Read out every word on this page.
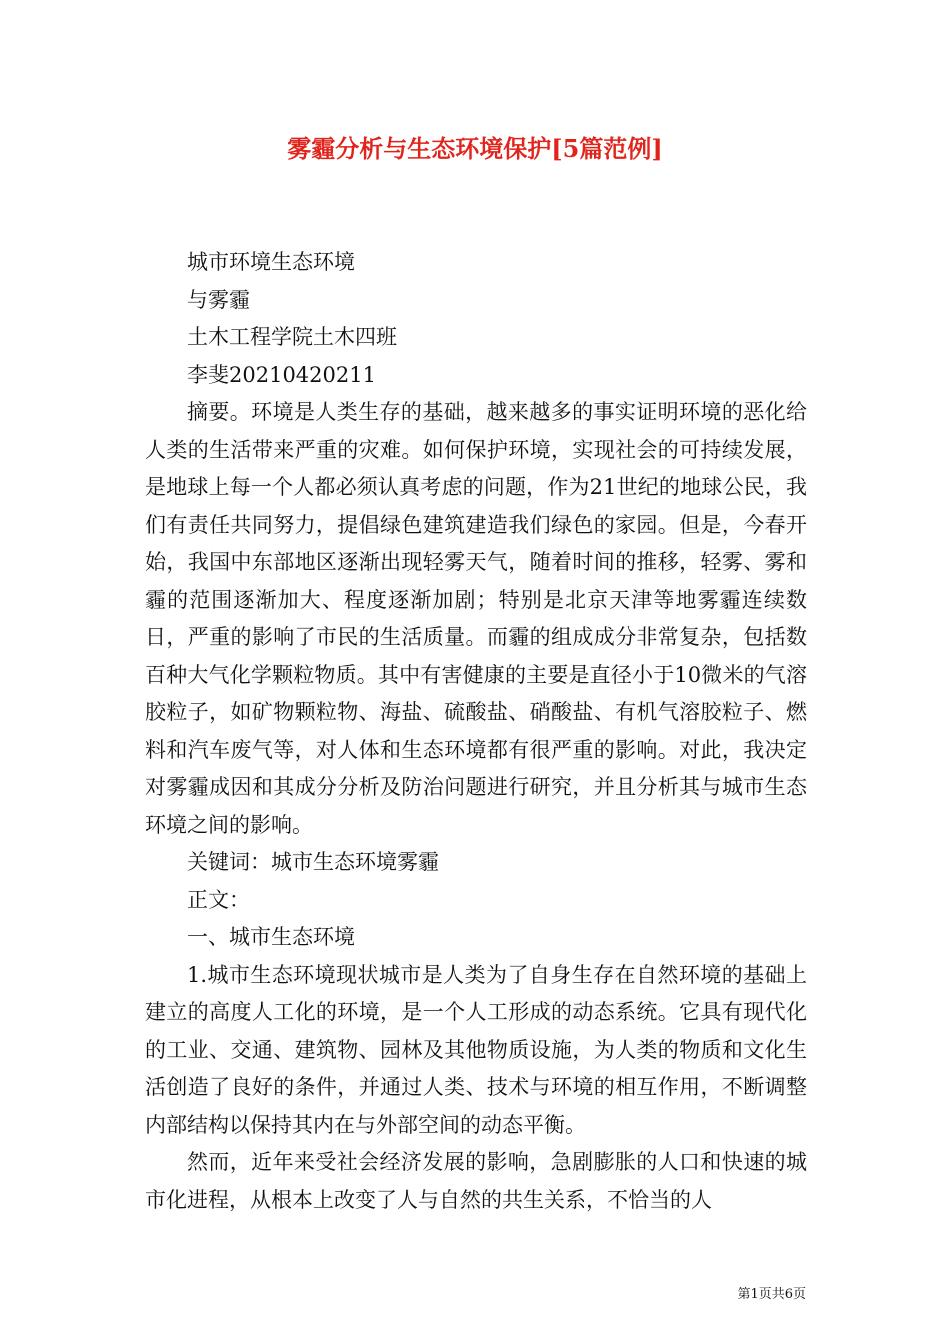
雾霾分析与生态环境保护[5篇范例]

城市环境生态环境

与雾霾

土木工程学院土木四班

李斐20210420211

摘要。环境是人类生存的基础，越来越多的事实证明环境的恶化给人类的生活带来严重的灾难。如何保护环境，实现社会的可持续发展，是地球上每一个人都必须认真考虑的问题，作为21世纪的地球公民，我们有责任共同努力，提倡绿色建筑建造我们绿色的家园。但是，今春开始，我国中东部地区逐渐出现轻雾天气，随着时间的推移，轻雾、雾和霾的范围逐渐加大、程度逐渐加剧；特别是北京天津等地雾霾连续数日，严重的影响了市民的生活质量。而霾的组成成分非常复杂，包括数百种大气化学颗粒物质。其中有害健康的主要是直径小于10微米的气溶胶粒子，如矿物颗粒物、海盐、硫酸盐、硝酸盐、有机气溶胶粒子、燃料和汽车废气等，对人体和生态环境都有很严重的影响。对此，我决定对雾霾成因和其成分分析及防治问题进行研究，并且分析其与城市生态环境之间的影响。

关键词：城市生态环境雾霾

正文：

一、城市生态环境

1.城市生态环境现状城市是人类为了自身生存在自然环境的基础上建立的高度人工化的环境，是一个人工形成的动态系统。它具有现代化的工业、交通、建筑物、园林及其他物质设施，为人类的物质和文化生活创造了良好的条件，并通过人类、技术与环境的相互作用，不断调整内部结构以保持其内在与外部空间的动态平衡。

然而，近年来受社会经济发展的影响，急剧膨胀的人口和快速的城市化进程，从根本上改变了人与自然的共生关系，不恰当的人

第1页共6页
